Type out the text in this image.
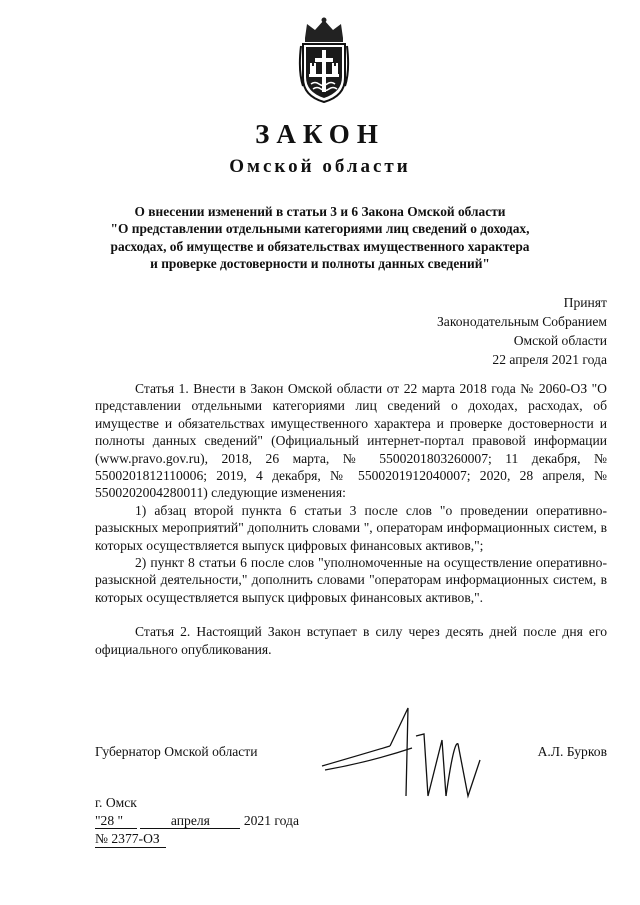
ЗАКОН
Омской области
О внесении изменений в статьи 3 и 6 Закона Омской области
"О представлении отдельными категориями лиц сведений о доходах,
расходах, об имуществе и обязательствах имущественного характера
и проверке достоверности и полноты данных сведений"
Принят
Законодательным Собранием
Омской области
22 апреля 2021 года

Статья 1. Внести в Закон Омской области от 22 марта 2018 года № 2060-ОЗ "О представлении отдельными категориями лиц сведений о доходах, расходах, об имуществе и обязательствах имущественного характера и проверке достоверности и полноты данных сведений" (Официальный интернет-портал правовой информации (www.pravo.gov.ru), 2018, 26 марта, № 5500201803260007; 11 декабря, № 5500201812110006; 2019, 4 декабря, № 5500201912040007; 2020, 28 апреля, № 5500202004280011) следующие изменения:

1) абзац второй пункта 6 статьи 3 после слов "о проведении оперативно-разыскных мероприятий" дополнить словами ", операторам информационных систем, в которых осуществляется выпуск цифровых финансовых активов,";

2) пункт 8 статьи 6 после слов "уполномоченные на осуществление оперативно-разыскной деятельности," дополнить словами "операторам информационных систем, в которых осуществляется выпуск цифровых финансовых активов,".

Статья 2. Настоящий Закон вступает в силу через десять дней после дня его официального опубликования.

Губернатор Омской области	А.Л. Бурков
г. Омск
"28 "	апреля 2021 года
№ 2377-ОЗ
